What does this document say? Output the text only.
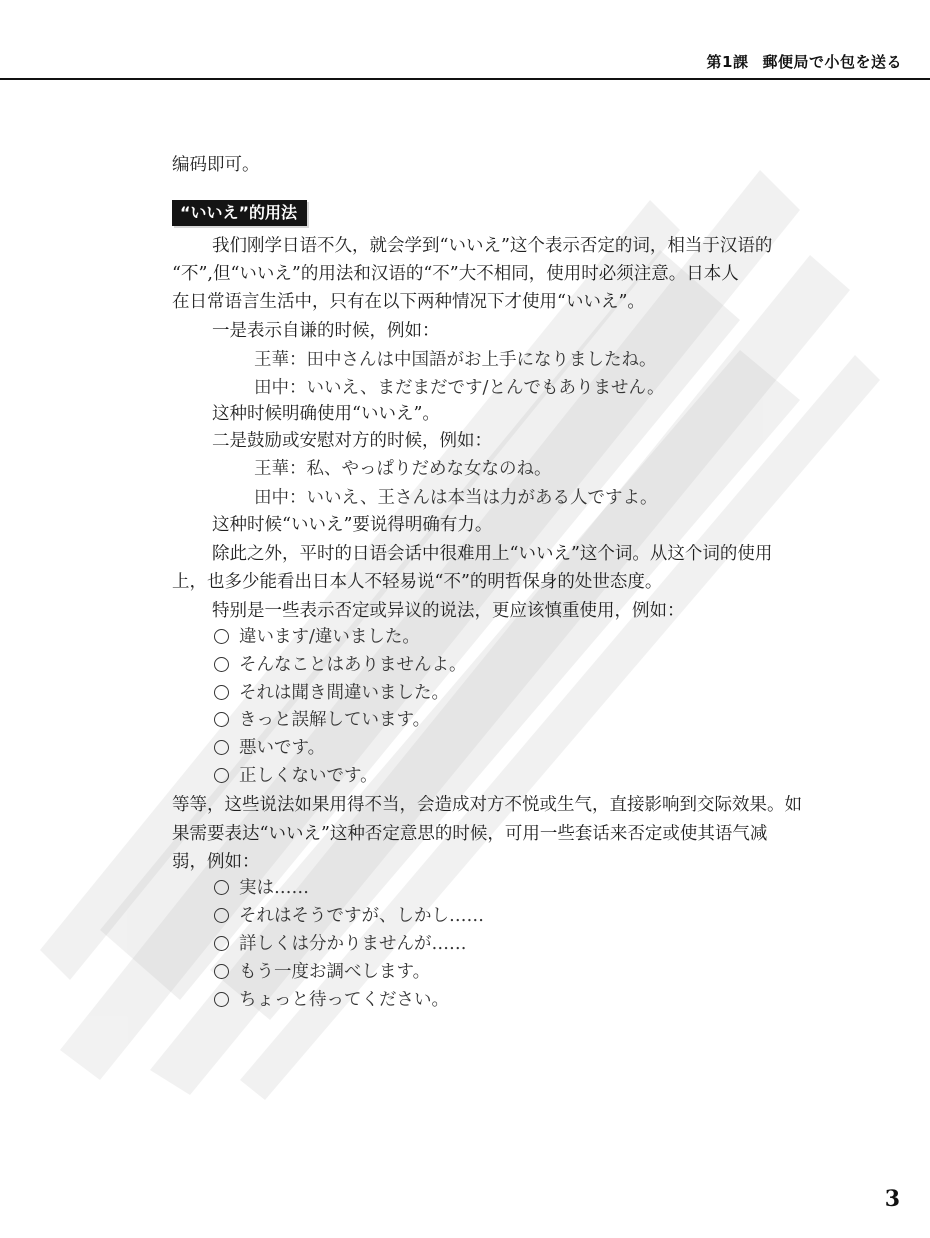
第1課 郵便局で小包を送る
编码即可。
“いいえ”的用法
我们刚学日语不久，就会学到“いいえ”这个表示否定的词，相当于汉语的
“不”,但“いいえ”的用法和汉语的“不”大不相同，使用时必须注意。日本人
在日常语言生活中，只有在以下两种情况下才使用“いいえ”。
一是表示自谦的时候，例如：
王華：田中さんは中国語がお上手になりましたね。
田中：いいえ、まだまだです/とんでもありません。
这种时候明确使用“いいえ”。
二是鼓励或安慰对方的时候，例如：
王華：私、やっぱりだめな女なのね。
田中：いいえ、王さんは本当は力がある人ですよ。
这种时候“いいえ”要说得明确有力。
除此之外，平时的日语会话中很难用上“いいえ”这个词。从这个词的使用
上，也多少能看出日本人不轻易说“不”的明哲保身的处世态度。
特别是一些表示否定或异议的说法，更应该慎重使用，例如：
違います/違いました。
そんなことはありませんよ。
それは聞き間違いました。
きっと誤解しています。
悪いです。
正しくないです。
等等，这些说法如果用得不当，会造成对方不悦或生气，直接影响到交际效果。如
果需要表达“いいえ”这种否定意思的时候，可用一些套话来否定或使其语气减
弱，例如：
実は……
それはそうですが、しかし……
詳しくは分かりませんが……
もう一度お調べします。
ちょっと待ってください。
3
